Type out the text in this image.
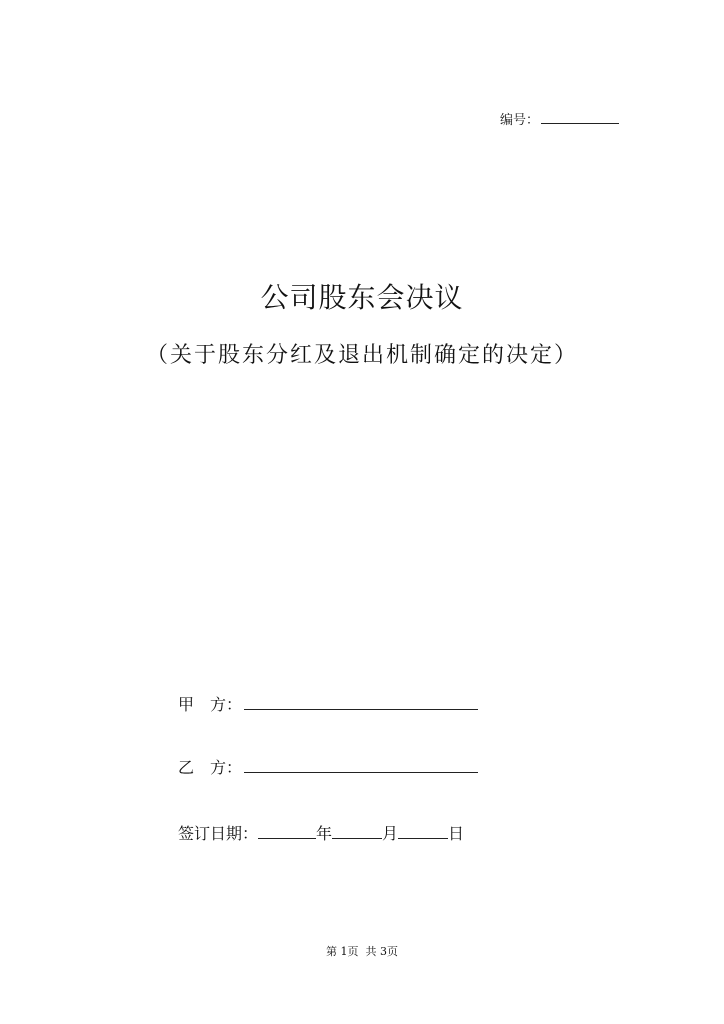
编号：
公司股东会决议
（关于股东分红及退出机制确定的决定）
甲　方：
乙　方：
签订日期：	年	月	日
第 1页  共 3页
